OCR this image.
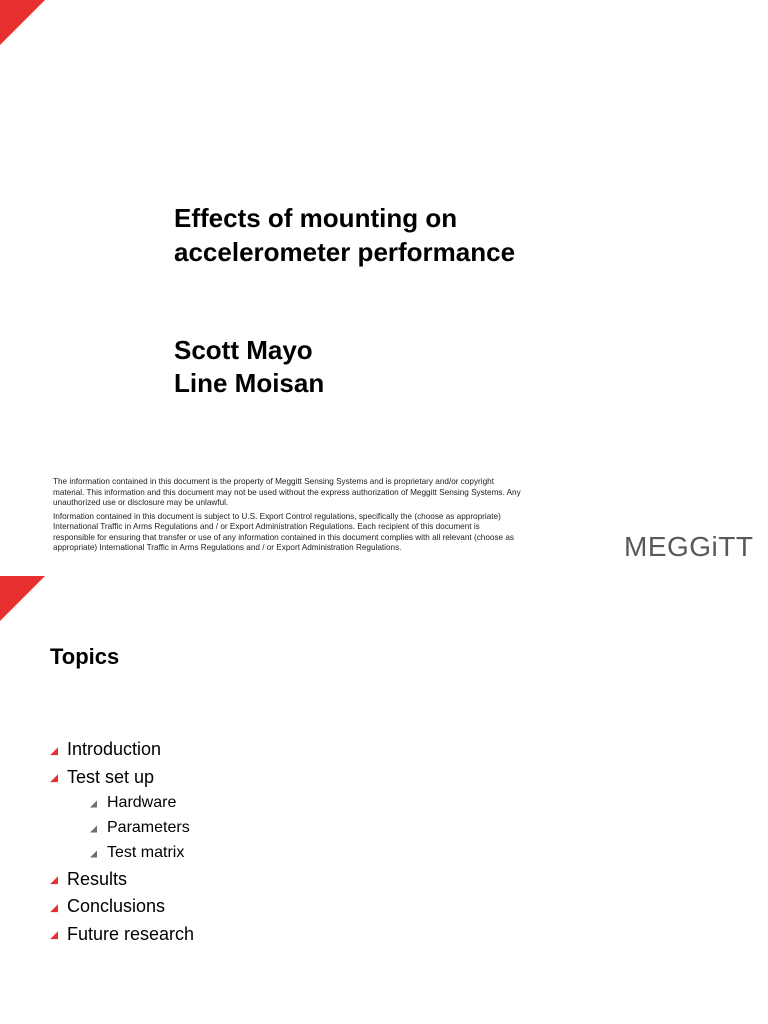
Effects of mounting on
accelerometer performance
Scott Mayo
Line Moisan

The information contained in this document is the property of Meggitt Sensing Systems and is proprietary and/or copyright material. This information and this document may not be used without the express authorization of Meggitt Sensing Systems. Any unauthorized use or disclosure may be unlawful.

Information contained in this document is subject to U.S. Export Control regulations, specifically the (choose as appropriate) International Traffic in Arms Regulations and / or Export Administration Regulations. Each recipient of this document is responsible for ensuring that transfer or use of any information contained in this document complies with all relevant (choose as appropriate) International Traffic in Arms Regulations and / or Export Administration Regulations.	MEGGiTT
Topics
Introduction
Test set up
Hardware
Parameters
Test matrix
Results
Conclusions
Future research
